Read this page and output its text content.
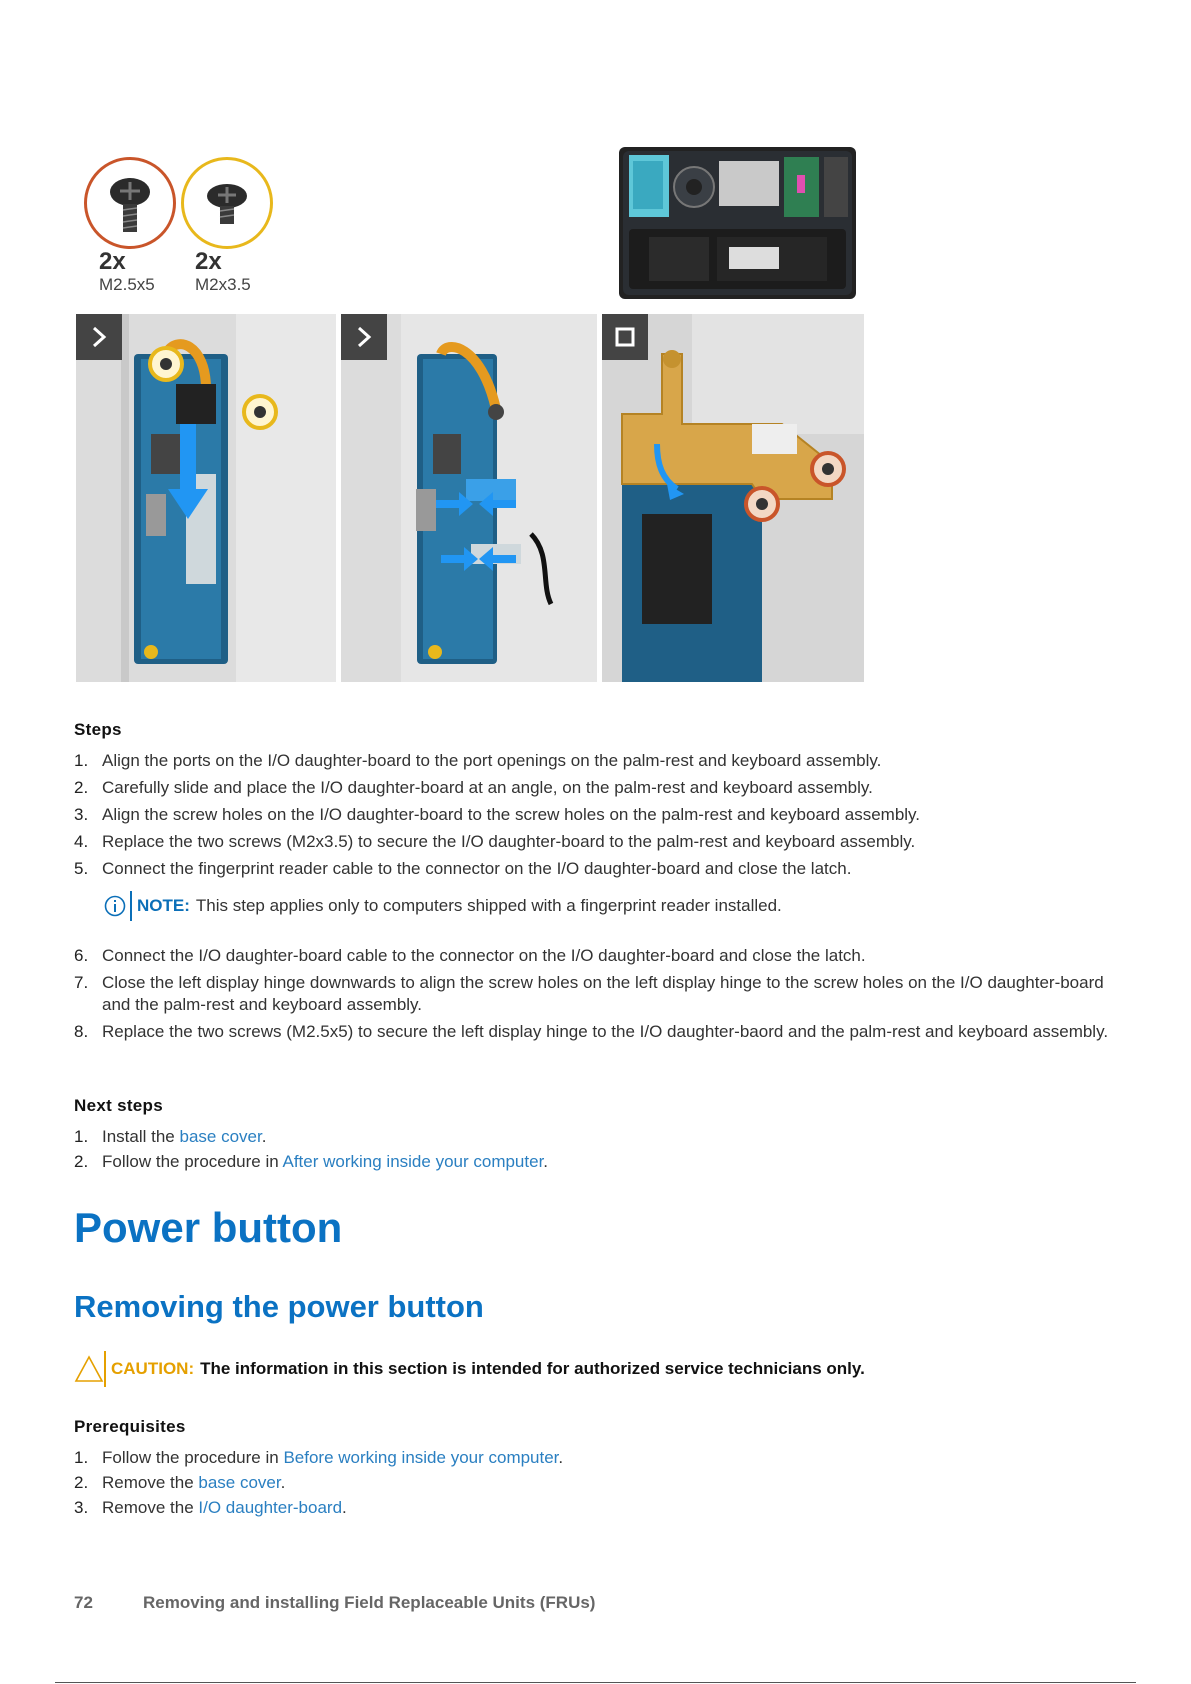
2x
M2.5x5
2x
M2x3.5
Steps
1. Align the ports on the I/O daughter-board to the port openings on the palm-rest and keyboard assembly.
2. Carefully slide and place the I/O daughter-board at an angle, on the palm-rest and keyboard assembly.
3. Align the screw holes on the I/O daughter-board to the screw holes on the palm-rest and keyboard assembly.
4. Replace the two screws (M2x3.5) to secure the I/O daughter-board to the palm-rest and keyboard assembly.
5. Connect the fingerprint reader cable to the connector on the I/O daughter-board and close the latch.
NOTE: This step applies only to computers shipped with a fingerprint reader installed.
6. Connect the I/O daughter-board cable to the connector on the I/O daughter-board and close the latch.
7. Close the left display hinge downwards to align the screw holes on the left display hinge to the screw holes on the I/O daughter-board and the palm-rest and keyboard assembly.
8. Replace the two screws (M2.5x5) to secure the left display hinge to the I/O daughter-baord and the palm-rest and keyboard assembly.
Next steps
1. Install the base cover.
2. Follow the procedure in After working inside your computer.
Power button
Removing the power button
CAUTION: The information in this section is intended for authorized service technicians only.
Prerequisites
1. Follow the procedure in Before working inside your computer.
2. Remove the base cover.
3. Remove the I/O daughter-board.
72	Removing and installing Field Replaceable Units (FRUs)
